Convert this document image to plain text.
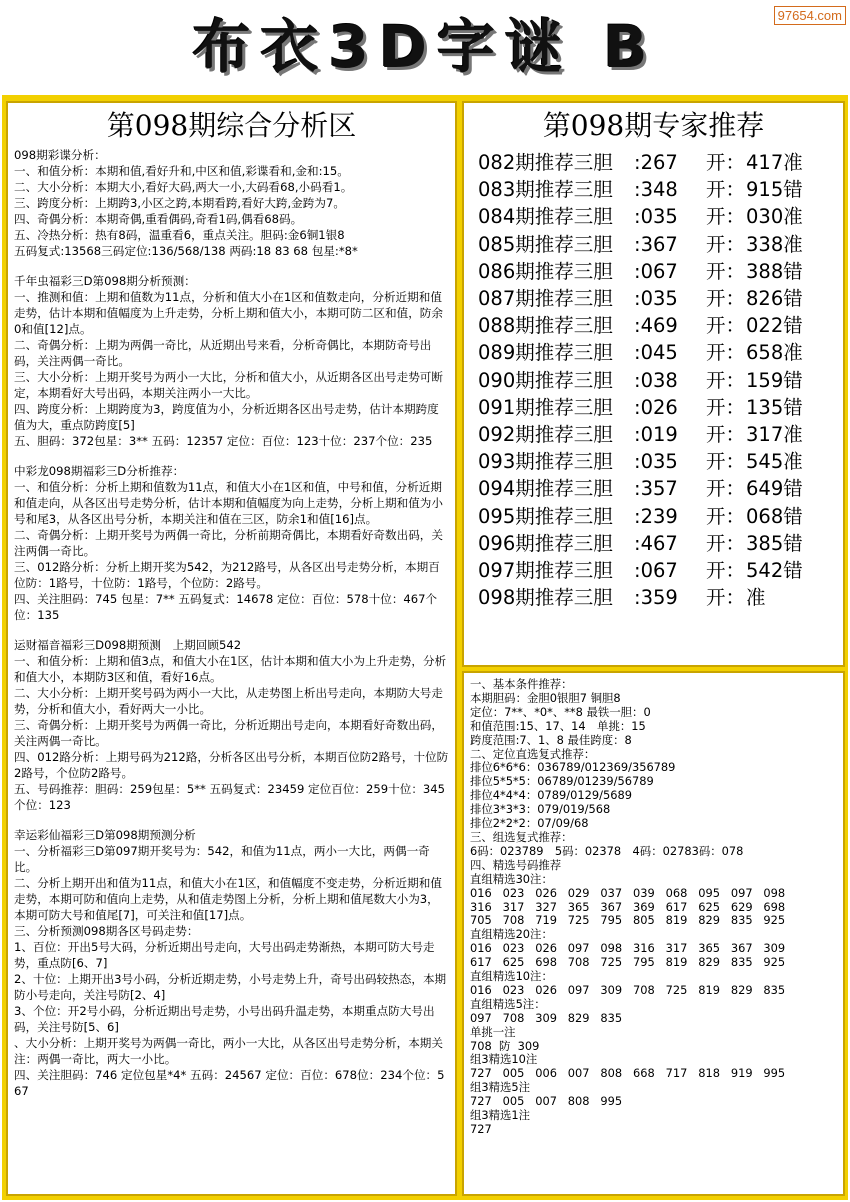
布衣3D字谜 B	97654.com
第098期综合分析区
098期彩谍分析：
一、和值分析：本期和值,看好升和,中区和值,彩谍看和,金和:15。
二、大小分析：本期大小,看好大码,两大一小,大码看68,小码看1。
三、跨度分析：上期跨3,小区之跨,本期看跨,看好大跨,金跨为7。
四、奇偶分析：本期奇偶,重看偶码,奇看1码,偶看68码。
五、冷热分析：热有8码，温重看6，重点关注。胆码:金6铜1银8
五码复式:13568三码定位:136/568/138 两码:18 83 68 包星:*8*
千年虫福彩三D第098期分析预测：
一、推测和值：上期和值数为11点，分析和值大小在1区和值数走向，分析近期和值走势，估计本期和值幅度为上升走势，分析上期和值大小，本期可防二区和值，防余0和值[12]点。
二、奇偶分析：上期为两偶一奇比，从近期出号来看，分析奇偶比，本期防奇号出码，关注两偶一奇比。
三、大小分析：上期开奖号为两小一大比，分析和值大小，从近期各区出号走势可断定，本期看好大号出码，本期关注两小一大比。
四、跨度分析：上期跨度为3，跨度值为小，分析近期各区出号走势，估计本期跨度值为大，重点防跨度[5]
五、胆码：372包星：3** 五码：12357 定位：百位：123十位：237个位：235
中彩龙098期福彩三D分析推荐：
一、和值分析：分析上期和值数为11点，和值大小在1区和值，中号和值，分析近期和值走向，从各区出号走势分析，估计本期和值幅度为向上走势，分析上期和值为小号和尾3，从各区出号分析，本期关注和值在三区，防余1和值[16]点。
二、奇偶分析：上期开奖号为两偶一奇比，分析前期奇偶比，本期看好奇数出码，关注两偶一奇比。
三、012路分析：分析上期开奖为542，为212路号，从各区出号走势分析，本期百位防：1路号，十位防：1路号，个位防：2路号。
四、关注胆码：745 包星：7** 五码复式：14678 定位：百位：578十位：467个位：135
运财福音福彩三D098期预测　上期回顾542
一、和值分析：上期和值3点，和值大小在1区，估计本期和值大小为上升走势，分析和值大小，本期防3区和值，看好16点。
二、大小分析：上期开奖号码为两小一大比，从走势图上析出号走向，本期防大号走势，分析和值大小，看好两大一小比。
三、奇偶分析：上期开奖号为两偶一奇比，分析近期出号走向，本期看好奇数出码，关注两偶一奇比。
四、012路分析：上期号码为212路，分析各区出号分析，本期百位防2路号，十位防2路号，个位防2路号。
五、号码推荐：胆码：259包星：5** 五码复式：23459 定位百位：259十位：345个位：123
幸运彩仙福彩三D第098期预测分析
一、分析福彩三D第097期开奖号为：542，和值为11点，两小一大比，两偶一奇比。
二、分析上期开出和值为11点，和值大小在1区，和值幅度不变走势，分析近期和值走势，本期可防和值向上走势，从和值走势图上分析，分析上期和值尾数大小为3，本期可防大号和值尾[7]，可关注和值[17]点。
三、分析预测098期各区号码走势：
1、百位：开出5号大码，分析近期出号走向，大号出码走势渐热，本期可防大号走势，重点防[6、7]
2、十位：上期开出3号小码，分析近期走势，小号走势上升，奇号出码较热态，本期防小号走向，关注号防[2、4]
3、个位：开2号小码，分析近期出号走势，小号出码升温走势，本期重点防大号出码，关注号防[5、6]
、大小分析：上期开奖号为两偶一奇比，两小一大比，从各区出号走势分析，本期关注：两偶一奇比，两大一小比。
四、关注胆码：746 定位包星*4* 五码：24567 定位：百位：678位：234个位：567
第098期专家推荐
082期推荐三胆	:267	开： 417准
083期推荐三胆	:348	开： 915错
084期推荐三胆	:035	开： 030准
085期推荐三胆	:367	开： 338准
086期推荐三胆	:067	开： 388错
087期推荐三胆	:035	开： 826错
088期推荐三胆	:469	开： 022错
089期推荐三胆	:045	开： 658准
090期推荐三胆	:038	开： 159错
091期推荐三胆	:026	开： 135错
092期推荐三胆	:019	开： 317准
093期推荐三胆	:035	开： 545准
094期推荐三胆	:357	开： 649错
095期推荐三胆	:239	开： 068错
096期推荐三胆	:467	开： 385错
097期推荐三胆	:067	开： 542错
098期推荐三胆	:359	开： 准
一、基本条件推荐：
本期胆码：金胆0银胆7 铜胆8
定位：7**、*0*、**8 最铁一胆：0
和值范围:15、17、14　单挑：15
跨度范围:7、1、8 最佳跨度：8
二、定位直选复式推荐：
排位6*6*6：036789/012369/356789
排位5*5*5：06789/01239/56789
排位4*4*4：0789/0129/5689
排位3*3*3：079/019/568
排位2*2*2：07/09/68
三、组选复式推荐：
6码：023789　5码：02378　4码：02783码：078
四、精选号码推荐
直组精选30注：
016   023   026   029   037   039   068   095   097   098
316   317   327   365   367   369   617   625   629   698
705   708   719   725   795   805   819   829   835   925
直组精选20注：
016   023   026   097   098   316   317   365   367   309
617   625   698   708   725   795   819   829   835   925
直组精选10注：
016   023   026   097   309   708   725   819   829   835
直组精选5注：
097   708   309   829   835
单挑一注
708  防  309
组3精选10注
727   005   006   007   808   668   717   818   919   995
组3精选5注
727   005   007   808   995
组3精选1注
727
